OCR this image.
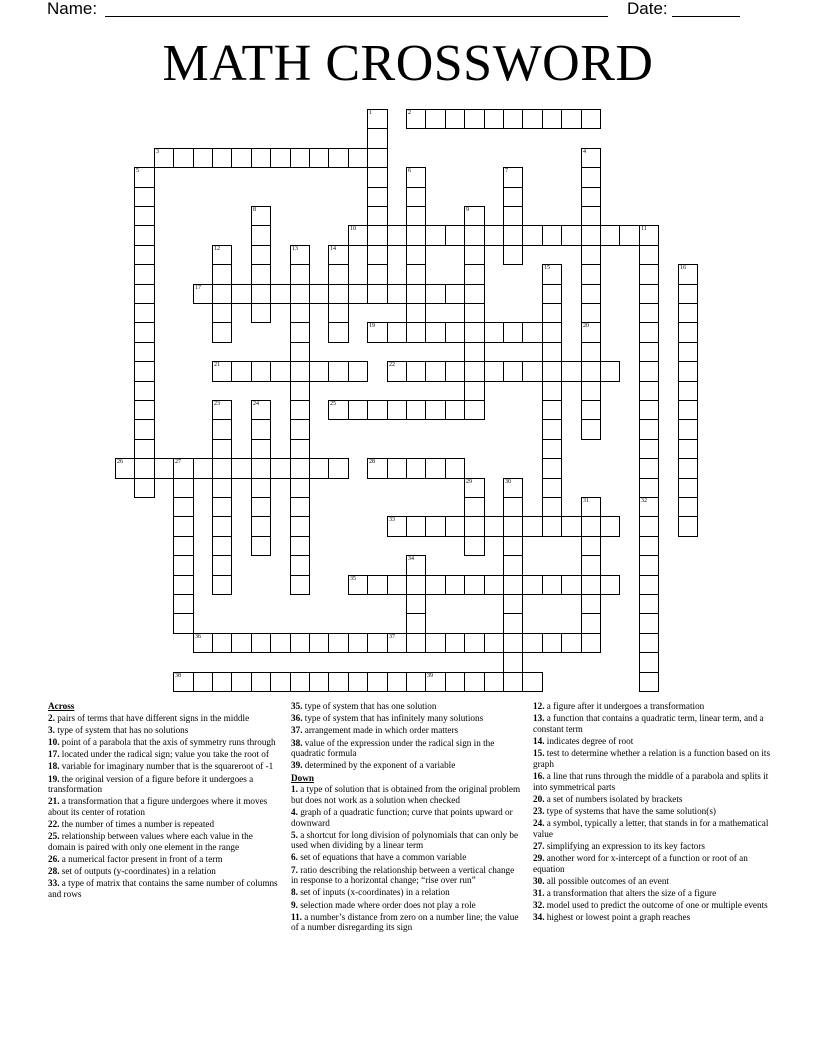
Name:	Date:
MATH CROSSWORD
2
3
10
17
19
21	22
25
26	27	28
33
35
36	37
38	39
1
4
20
5	6	7
8	9
11
32
12	13	14
15	16
23	24
29	30
31
34
Across
2. pairs of terms that have different signs in the middle
3. type of system that has no solutions
10. point of a parabola that the axis of symmetry runs through
17. located under the radical sign; value you take the root of
18. variable for imaginary number that is the squareroot of -1
19. the original version of a figure before it undergoes a transformation
21. a transformation that a figure undergoes where it moves about its center of rotation
22. the number of times a number is repeated
25. relationship between values where each value in the domain is paired with only one element in the range
26. a numerical factor present in front of a term
28. set of outputs (y-coordinates) in a relation
33. a type of matrix that contains the same number of columns and rows
35. type of system that has one solution
36. type of system that has infinitely many solutions
37. arrangement made in which order matters
38. value of the expression under the radical sign in the quadratic formula
39. determined by the exponent of a variable
Down
1. a type of solution that is obtained from the original problem but does not work as a solution when checked
4. graph of a quadratic function; curve that points upward or downward
5. a shortcut for long division of polynomials that can only be used when dividing by a linear term
6. set of equations that have a common variable
7. ratio describing the relationship between a vertical change in response to a horizontal change; “rise over run”
8. set of inputs (x-coordinates) in a relation
9. selection made where order does not play a role
11. a number’s distance from zero on a number line; the value of a number disregarding its sign
12. a figure after it undergoes a transformation
13. a function that contains a quadratic term, linear term, and a constant term
14. indicates degree of root
15. test to determine whether a relation is a function based on its graph
16. a line that runs through the middle of a parabola and splits it into symmetrical parts
20. a set of numbers isolated by brackets
23. type of systems that have the same solution(s)
24. a symbol, typically a letter, that stands in for a mathematical value
27. simplifying an expression to its key factors
29. another word for x-intercept of a function or root of an equation
30. all possible outcomes of an event
31. a transformation that alters the size of a figure
32. model used to predict the outcome of one or multiple events
34. highest or lowest point a graph reaches
